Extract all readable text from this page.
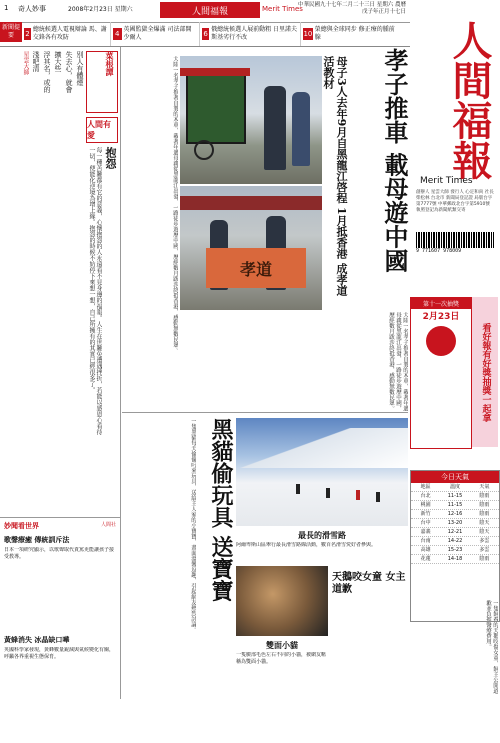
1 奇人妙事	2008年2月23日 星期六	人間福報	Merit Times
中華民國九十七年二月二十三日 星期六 農曆戊子年正月十七日
新聞提要	2
總統候選人電視辯論 馬、謝交鋒各有攻防	4
英國監獄全爆滿 司法部開少爾人	6
俄總統候選人展前動粗 日里諾夫斯基劣行不改	10
榮總與全球同步 修正療的腫前腺	人間福報
Merit Times
創辦人 星雲大師 發行人 心定和尚 社長 柴松林 台北市 新聞局登記證 局版台字第7777號 中華郵政北台字第5910號 執照登記為新聞紙類交寄
9 771607 978009
菜根譚
別人有體煙
失去心，就會
擴大些
浮其名，或的
淺吧清
星雲大師
人間有愛
抱怨
每一種苦難都有它的意義，心懷抱怨的人永遠看不見身邊的福報。人生在世難免遭遇挫折，若能以感恩心看待一切，便能化逆境為增上緣。抱怨的時候不妨停下來想一想，自己所擁有的其實已經很多了。
妙聞看世界	人間社
歌聲療癒 傳統訓斥法
日本一項研究顯示，以歌聲取代責罵更能讓孩子接受教導。
黃蜂消失 冰晶缺口嘩
英國科學家發現，黃蜂數量銳減與氣候變化有關，呼籲各界重視生態保育。
孝子推車 載母遊中國
母子3人去年9月自黑龍江啓程 1月抵香港 成孝道活教材
孝道
大陸一名孝子推著自製的木車，載著年邁母親從黑龍江出發，一路徒步遊歷中國，歷經數月跋涉終抵香港，感動無數民眾。
大陸一名孝子推著自製的木車，載著年邁母親從黑龍江出發，一路徒步遊歷中國，歷經數月跋涉終抵香港，感動無數民眾。
黑貓偷玩具 送寶寶
一隻黑貓每天偷偷叼來玩具，送給主人家的小寶寶，畫面溫馨逗趣，引起網友熱烈討論。	最長的滑雪路
阿爾卑斯山區舉行最長滑雪路線活動，數百名滑雪愛好者參與。
雙面小貓
一隻臉部毛色左右不同的小貓，被網友暱稱為雙面小貓。
天鵝咬女童 女主道歉
一隻飼養的天鵝咬傷女童，飼主公開道歉並負擔醫療費用。
第十一次抽獎
2月23日
看好報有好獎抽獎一起拿
今日天氣
地區	溫度	天氣
台北	11-15	陰雨
桃園	11-15	陰雨
新竹	12-16	陰雨
台中	13-20	陰天
嘉義	12-21	陰天
台南	14-22	多雲
高雄	15-23	多雲
花蓮	14-18	陰雨
